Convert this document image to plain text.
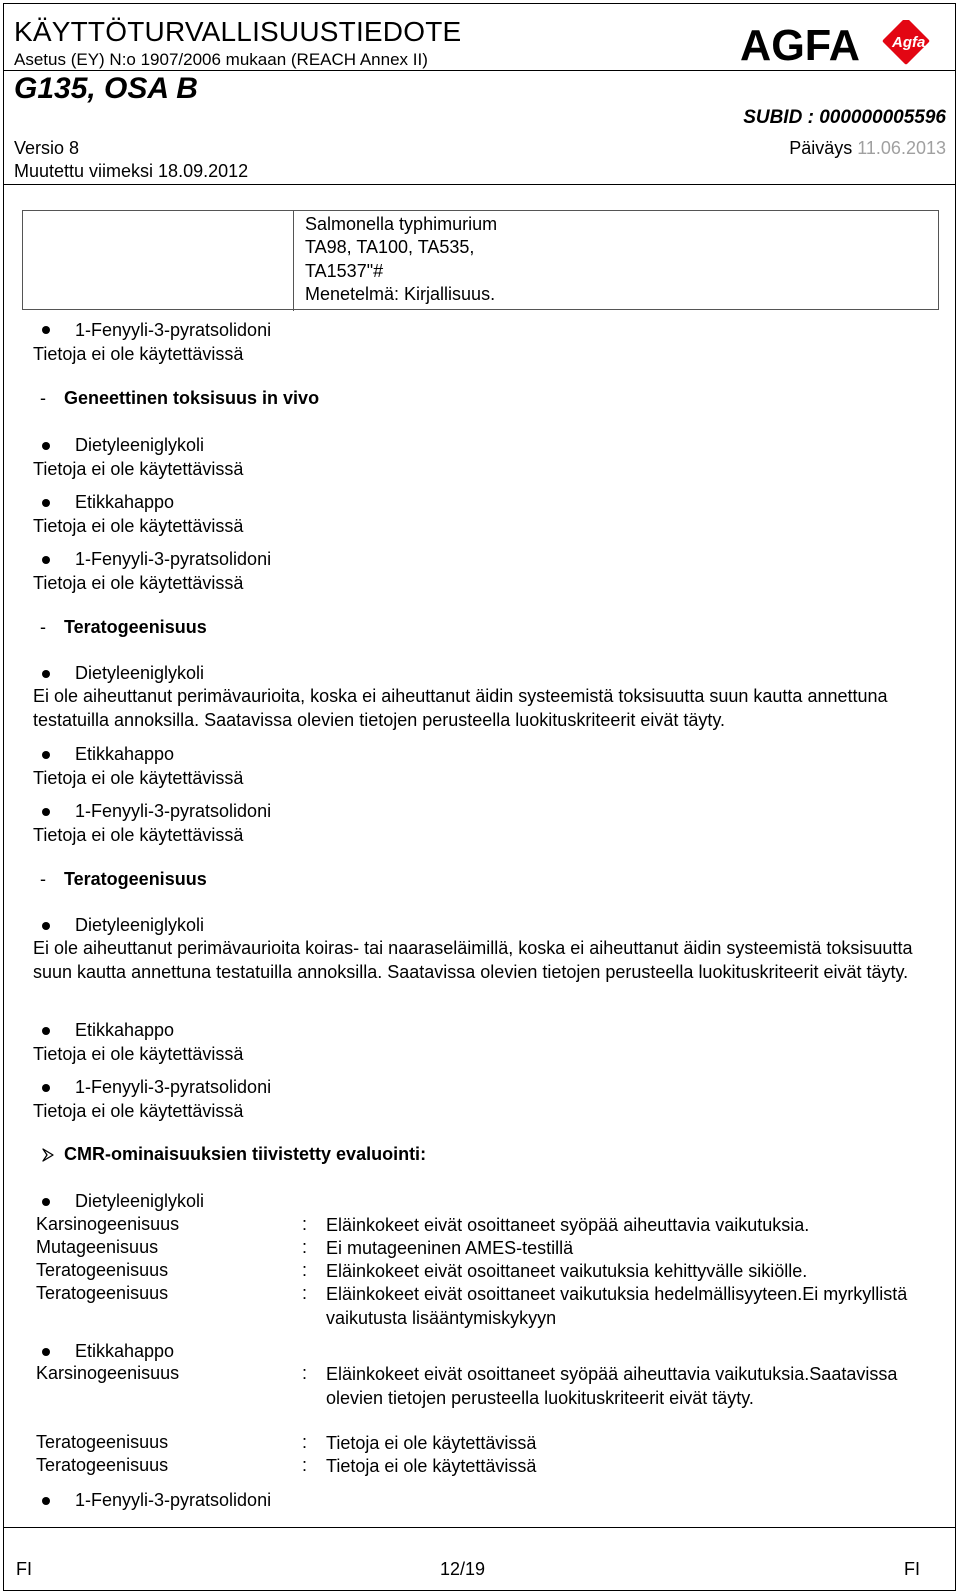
KÄYTTÖTURVALLISUUSTIEDOTE
Asetus (EY) N:o 1907/2006 mukaan (REACH Annex II)
G135, OSA B
SUBID : 000000005596
Versio 8	Päiväys 11.06.2013
Muutettu viimeksi 18.09.2012
AGFA Agfa
Salmonella typhimurium
TA98, TA100, TA535,
TA1537"#
Menetelmä: Kirjallisuus.
1-Fenyyli-3-pyratsolidoni
Tietoja ei ole käytettävissä
- Geneettinen toksisuus in vivo
Dietyleeniglykoli
Tietoja ei ole käytettävissä
Etikkahappo
Tietoja ei ole käytettävissä
1-Fenyyli-3-pyratsolidoni
Tietoja ei ole käytettävissä
- Teratogeenisuus
Dietyleeniglykoli
Ei ole aiheuttanut perimävaurioita, koska ei aiheuttanut äidin systeemistä toksisuutta suun kautta annettuna testatuilla annoksilla. Saatavissa olevien tietojen perusteella luokituskriteerit eivät täyty.
Etikkahappo
Tietoja ei ole käytettävissä
1-Fenyyli-3-pyratsolidoni
Tietoja ei ole käytettävissä
- Teratogeenisuus
Dietyleeniglykoli
Ei ole aiheuttanut perimävaurioita koiras- tai naaraseläimillä, koska ei aiheuttanut äidin systeemistä toksisuutta suun kautta annettuna testatuilla annoksilla. Saatavissa olevien tietojen perusteella luokituskriteerit eivät täyty.
Etikkahappo
Tietoja ei ole käytettävissä
1-Fenyyli-3-pyratsolidoni
Tietoja ei ole käytettävissä
CMR-ominaisuuksien tiivistetty evaluointi:
Dietyleeniglykoli
Karsinogeenisuus	: Eläinkokeet eivät osoittaneet syöpää aiheuttavia vaikutuksia.
Mutageenisuus	: Ei mutageeninen AMES-testillä
Teratogeenisuus	: Eläinkokeet eivät osoittaneet vaikutuksia kehittyvälle sikiölle.
Teratogeenisuus	: Eläinkokeet eivät osoittaneet vaikutuksia hedelmällisyyteen.Ei myrkyllistä vaikutusta lisääntymiskykyyn
Etikkahappo
Karsinogeenisuus	: Eläinkokeet eivät osoittaneet syöpää aiheuttavia vaikutuksia.Saatavissa olevien tietojen perusteella luokituskriteerit eivät täyty.
Teratogeenisuus	: Tietoja ei ole käytettävissä
Teratogeenisuus	: Tietoja ei ole käytettävissä
1-Fenyyli-3-pyratsolidoni
FI	12/19	FI
